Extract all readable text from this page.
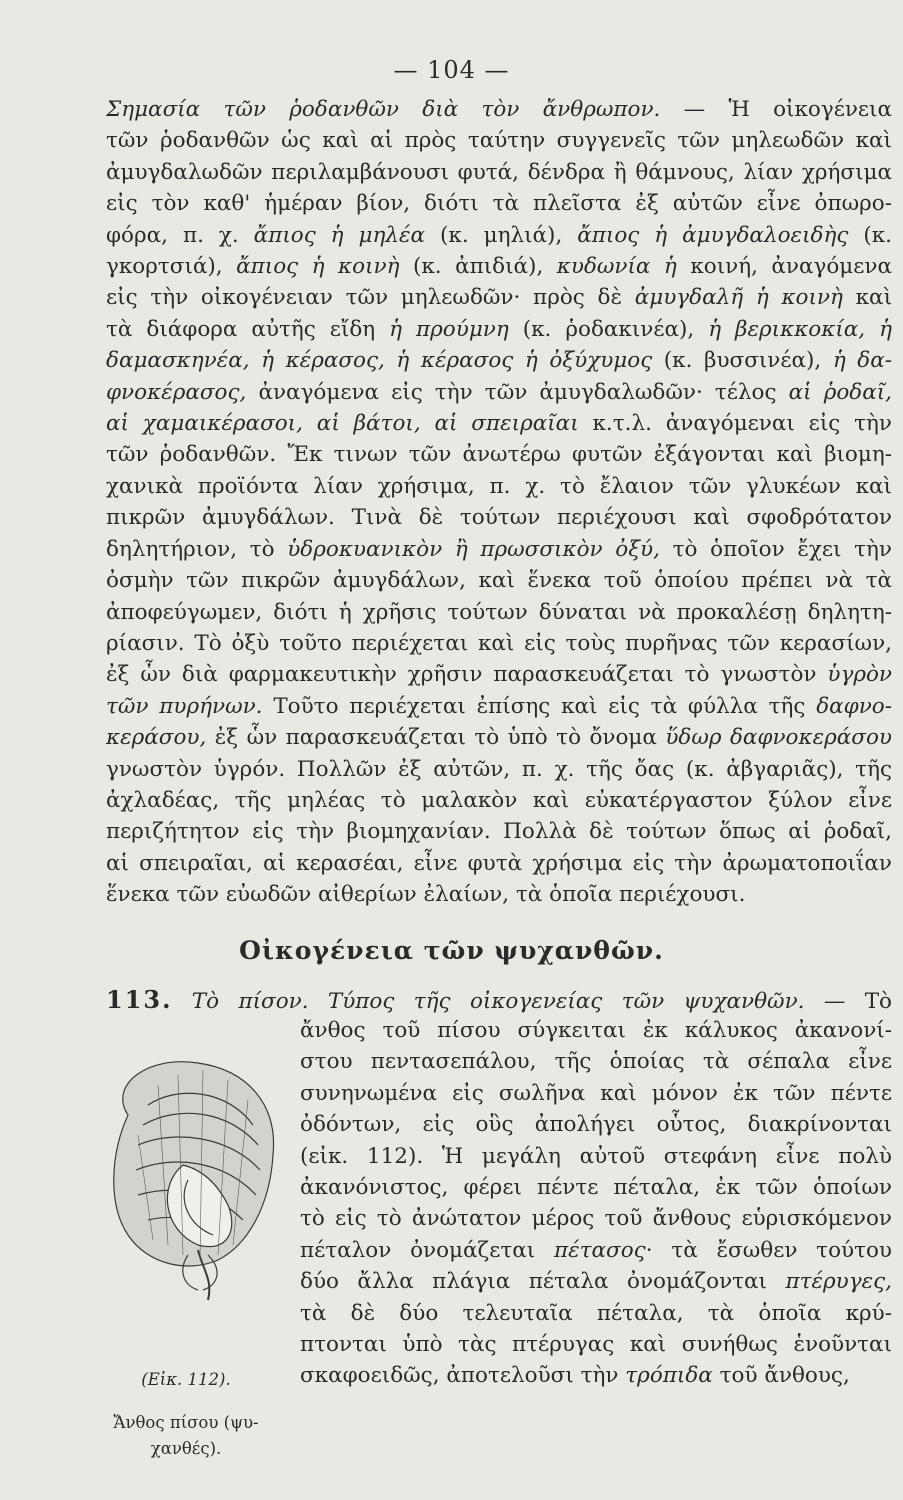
— 104 —
Σημασία τῶν ῥοδανθῶν διὰ τὸν ἄνθρωπον. — Ἡ οἰκογένεια
τῶν ῥοδανθῶν ὡς καὶ αἱ πρὸς ταύτην συγγενεῖς τῶν μηλεωδῶν καὶ
ἀμυγδαλωδῶν περιλαμβάνουσι φυτά, δένδρα ἢ θάμνους, λίαν χρήσιμα
εἰς τὸν καθ' ἡμέραν βίον, διότι τὰ πλεῖστα ἐξ αὐτῶν εἶνε ὀπωρο-
φόρα, π. χ. ἄπιος ἡ μηλέα (κ. μηλιά), ἄπιος ἡ ἀμυγδαλοειδὴς (κ.
γκορτσιά), ἄπιος ἡ κοινὴ (κ. ἀπιδιά), κυδωνία ἡ κοινή, ἀναγόμενα
εἰς τὴν οἰκογένειαν τῶν μηλεωδῶν· πρὸς δὲ ἀμυγδαλῆ ἡ κοινὴ καὶ
τὰ διάφορα αὐτῆς εἴδη ἡ προύμνη (κ. ῥοδακινέα), ἡ βερικκοκία, ἡ
δαμασκηνέα, ἡ κέρασος, ἡ κέρασος ἡ ὀξύχυμος (κ. βυσσινέα), ἡ δα-
φνοκέρασος, ἀναγόμενα εἰς τὴν τῶν ἀμυγδαλωδῶν· τέλος αἱ ῥοδαῖ,
αἱ χαμαικέρασοι, αἱ βάτοι, αἱ σπειραῖαι κ.τ.λ. ἀναγόμεναι εἰς τὴν
τῶν ῥοδανθῶν. Ἔκ τινων τῶν ἀνωτέρω φυτῶν ἐξάγονται καὶ βιομη-
χανικὰ προϊόντα λίαν χρήσιμα, π. χ. τὸ ἔλαιον τῶν γλυκέων καὶ
πικρῶν ἀμυγδάλων. Τινὰ δὲ τούτων περιέχουσι καὶ σφοδρότατον
δηλητήριον, τὸ ὑδροκυανικὸν ἢ πρωσσικὸν ὀξύ, τὸ ὁποῖον ἔχει τὴν
ὀσμὴν τῶν πικρῶν ἀμυγδάλων, καὶ ἕνεκα τοῦ ὁποίου πρέπει νὰ τὰ
ἀποφεύγωμεν, διότι ἡ χρῆσις τούτων δύναται νὰ προκαλέσῃ δηλητη-
ρίασιν. Τὸ ὀξὺ τοῦτο περιέχεται καὶ εἰς τοὺς πυρῆνας τῶν κερασίων,
ἐξ ὧν διὰ φαρμακευτικὴν χρῆσιν παρασκευάζεται τὸ γνωστὸν ὑγρὸν
τῶν πυρήνων. Τοῦτο περιέχεται ἐπίσης καὶ εἰς τὰ φύλλα τῆς δαφνο-
κεράσου, ἐξ ὧν παρασκευάζεται τὸ ὑπὸ τὸ ὄνομα ὕδωρ δαφνοκεράσου
γνωστὸν ὑγρόν. Πολλῶν ἐξ αὐτῶν, π. χ. τῆς ὄας (κ. ἀβγαριᾶς), τῆς
ἀχλαδέας, τῆς μηλέας τὸ μαλακὸν καὶ εὐκατέργαστον ξύλον εἶνε
περιζήτητον εἰς τὴν βιομηχανίαν. Πολλὰ δὲ τούτων ὅπως αἱ ῥοδαῖ,
αἱ σπειραῖαι, αἱ κερασέαι, εἶνε φυτὰ χρήσιμα εἰς τὴν ἀρωματοποιΐαν
ἕνεκα τῶν εὐωδῶν αἰθερίων ἐλαίων, τὰ ὁποῖα περιέχουσι.
Οἰκογένεια τῶν ψυχανθῶν.
113. Τὸ πίσον. Τύπος τῆς οἰκογενείας τῶν ψυχανθῶν. — Τὸ
ἄνθος τοῦ πίσου σύγκειται ἐκ κάλυκος ἀκανονί-
στου πεντασεπάλου, τῆς ὁποίας τὰ σέπαλα εἶνε
συνηνωμένα εἰς σωλῆνα καὶ μόνον ἐκ τῶν πέντε
ὀδόντων, εἰς οὓς ἀπολήγει οὗτος, διακρίνονται
(εἰκ. 112). Ἡ μεγάλη αὐτοῦ στεφάνη εἶνε πολὺ
ἀκανόνιστος, φέρει πέντε πέταλα, ἐκ τῶν ὁποίων
τὸ εἰς τὸ ἀνώτατον μέρος τοῦ ἄνθους εὑρισκόμενον
πέταλον ὀνομάζεται πέτασος· τὰ ἔσωθεν τούτου
δύο ἄλλα πλάγια πέταλα ὀνομάζονται πτέρυγες,
τὰ δὲ δύο τελευταῖα πέταλα, τὰ ὁποῖα κρύ-
πτονται ὑπὸ τὰς πτέρυγας καὶ συνήθως ἑνοῦνται
σκαφοειδῶς, ἀποτελοῦσι τὴν τρόπιδα τοῦ ἄνθους,
(Εἰκ. 112).
Ἄνθος πίσου (ψυ-
χανθές).
